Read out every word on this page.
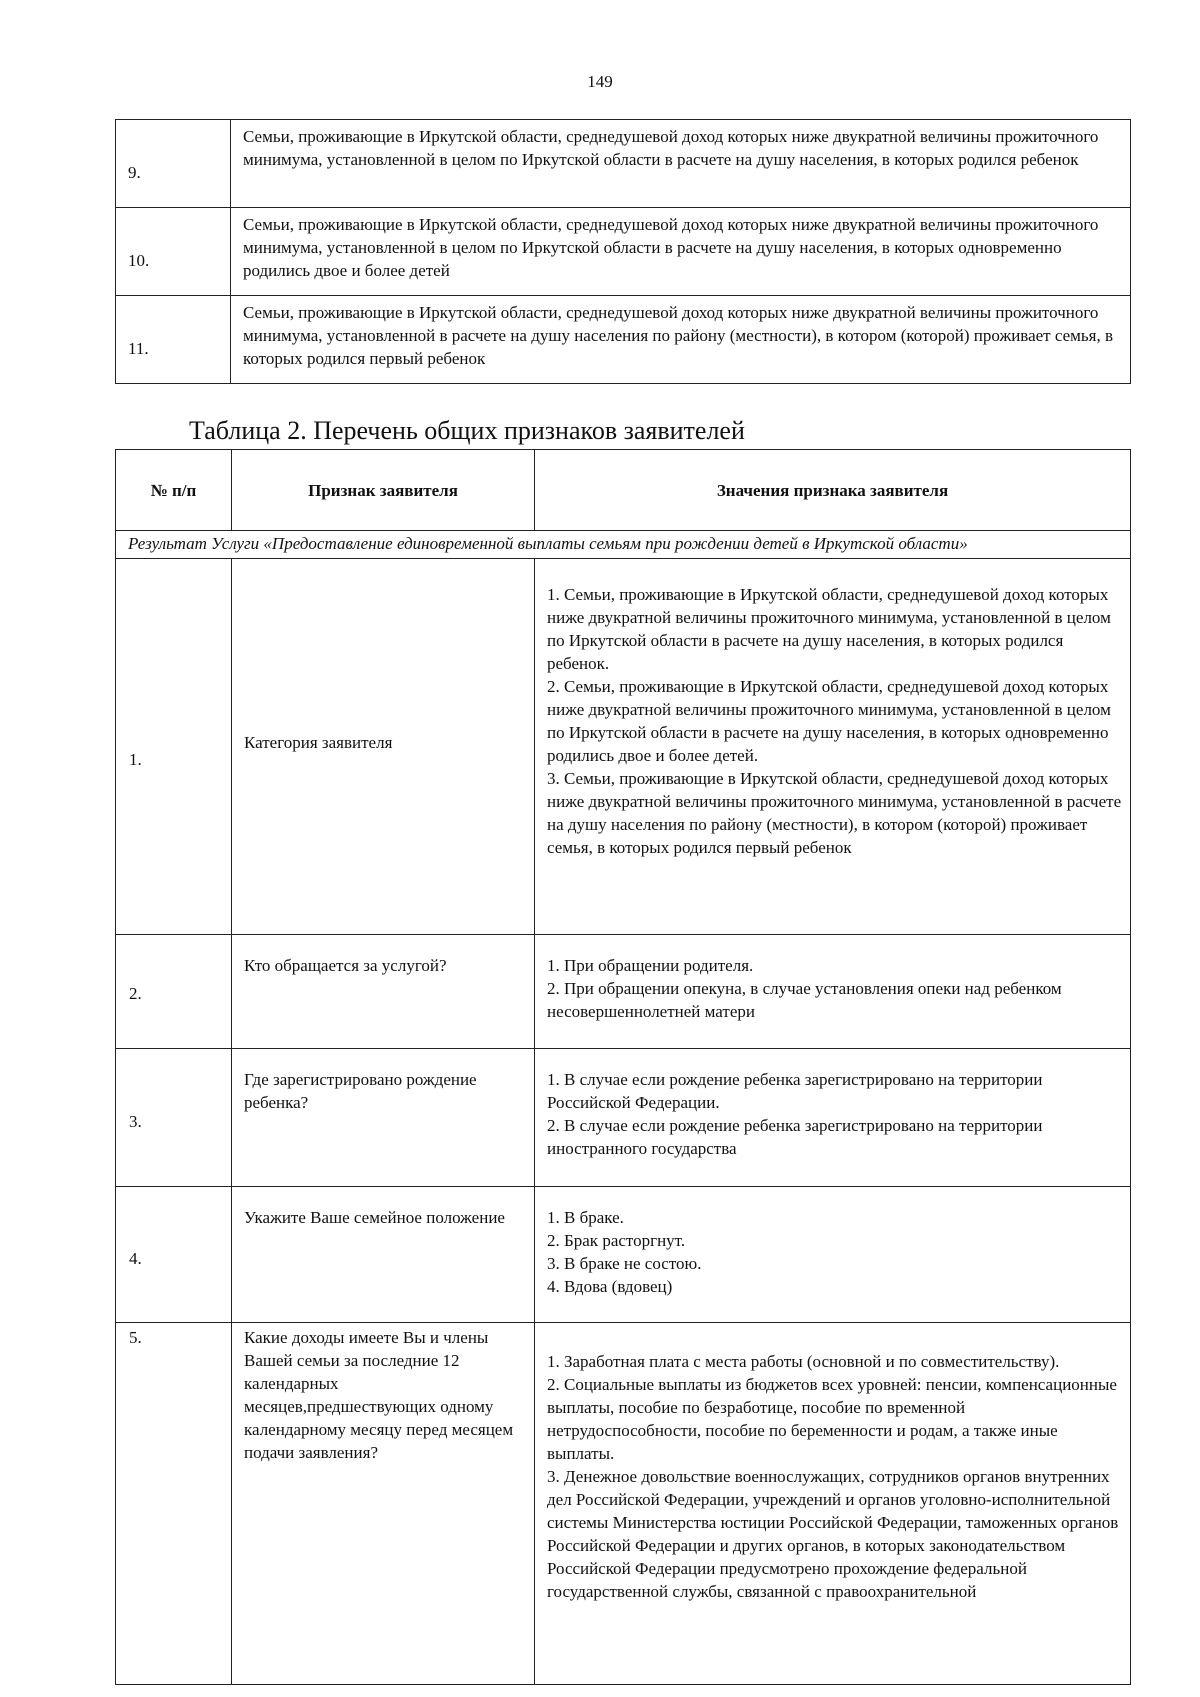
149
9.	Семьи, проживающие в Иркутской области, среднедушевой доход которых ниже двукратной величины прожиточного минимума, установленной в целом по Иркутской области в расчете на душу населения, в которых родился ребенок
10.	Семьи, проживающие в Иркутской области, среднедушевой доход которых ниже двукратной величины прожиточного минимума, установленной в целом по Иркутской области в расчете на душу населения, в которых одновременно родились двое и более детей
11.	Семьи, проживающие в Иркутской области, среднедушевой доход которых ниже двукратной величины прожиточного минимума, установленной в расчете на душу населения по району (местности), в котором (которой) проживает семья, в которых родился первый ребенок
Таблица 2. Перечень общих признаков заявителей
№ п/п	Признак заявителя	Значения признака заявителя
Результат Услуги «Предоставление единовременной выплаты семьям при рождении детей в Иркутской области»		
1.	Категория заявителя	1. Семьи, проживающие в Иркутской области, среднедушевой доход которых ниже двукратной величины прожиточного минимума, установленной в целом по Иркутской области в расчете на душу населения, в которых родился ребенок.
2. Семьи, проживающие в Иркутской области, среднедушевой доход которых ниже двукратной величины прожиточного минимума, установленной в целом по Иркутской области в расчете на душу населения, в которых одновременно родились двое и более детей.
3. Семьи, проживающие в Иркутской области, среднедушевой доход которых ниже двукратной величины прожиточного минимума, установленной в расчете на душу населения по району (местности), в котором (которой) проживает семья, в которых родился первый ребенок

2.	Кто обращается за услугой?	1. При обращении родителя.
2. При обращении опекуна, в случае установления опеки над ребенком несовершеннолетней матери

3.	Где зарегистрировано рождение ребенка?	1. В случае если рождение ребенка зарегистрировано на территории Российской Федерации.
2. В случае если рождение ребенка зарегистрировано на территории иностранного государства

4.	Укажите Ваше семейное положение	1. В браке.
2. Брак расторгнут.
3. В браке не состою.
4. Вдова (вдовец)

5.	Какие доходы имеете Вы и члены Вашей семьи за последние 12 календарных месяцев,предшествующих одному календарному месяцу перед месяцем подачи заявления?	1. Заработная плата с места работы (основной и по совместительству).
2. Социальные выплаты из бюджетов всех уровней: пенсии, компенсационные выплаты, пособие по безработице, пособие по временной нетрудоспособности, пособие по беременности и родам, а также иные выплаты.
3. Денежное довольствие военнослужащих, сотрудников органов внутренних дел Российской Федерации, учреждений и органов уголовно-исполнительной системы Министерства юстиции Российской Федерации, таможенных органов Российской Федерации и других органов, в которых законодательством Российской Федерации предусмотрено прохождение федеральной государственной службы, связанной с правоохранительной
